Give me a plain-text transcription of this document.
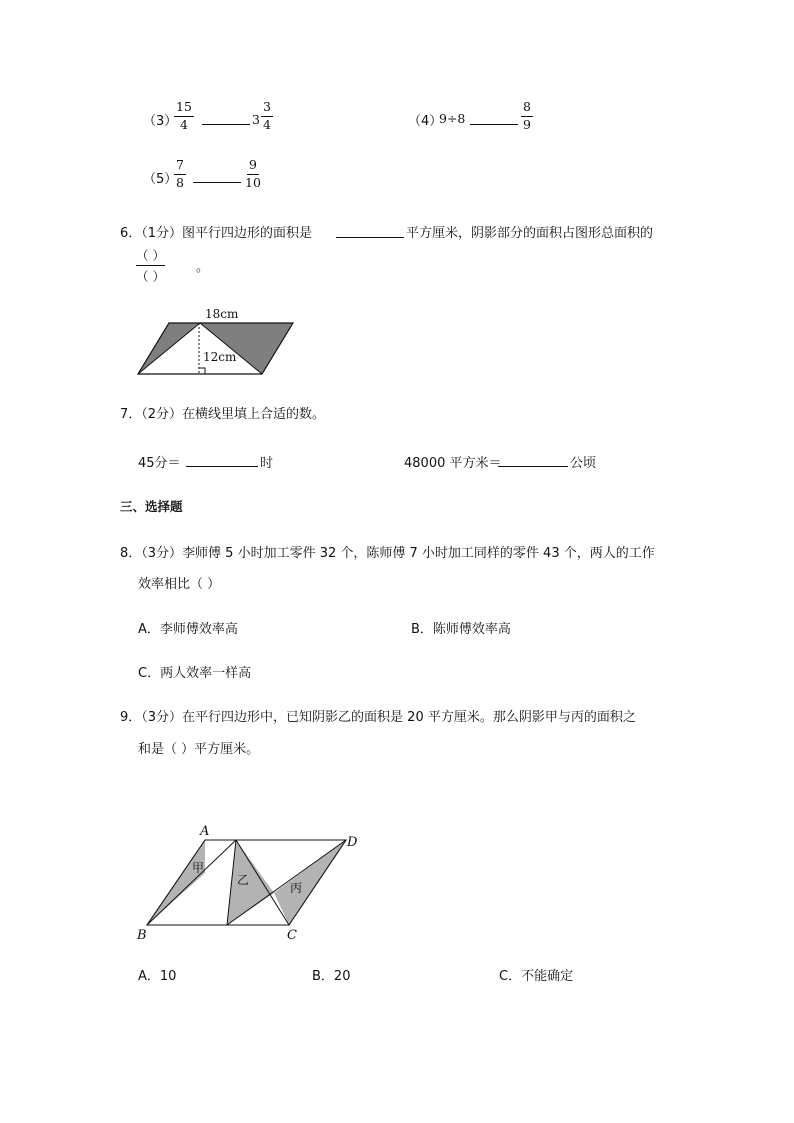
（3）
$\frac{15}{4}$	$3 \frac{3}{4}$	（4）
9÷8	$\frac{8}{9}$
（5）
$\frac{7}{8}$	$\frac{9}{10}$
6．（1分）图平行四边形的面积是	平方厘米，阴影部分的面积占图形总面积的
（ ）
（ ）
。
18cm
12cm
A
B	C
D
甲
乙
丙
7．（2分）在横线里填上合适的数。
45分＝	时	48000 平方米＝	公顷
三、选择题
8．（3分）李师傅 5 小时加工零件 32 个，陈师傅 7 小时加工同样的零件 43 个，两人的工作
效率相比（ ）
A．李师傅效率高	B．陈师傅效率高
C．两人效率一样高
9．（3分）在平行四边形中，已知阴影乙的面积是 20 平方厘米。那么阴影甲与丙的面积之
和是（ ）平方厘米。
A．10	B．20	C．不能确定
